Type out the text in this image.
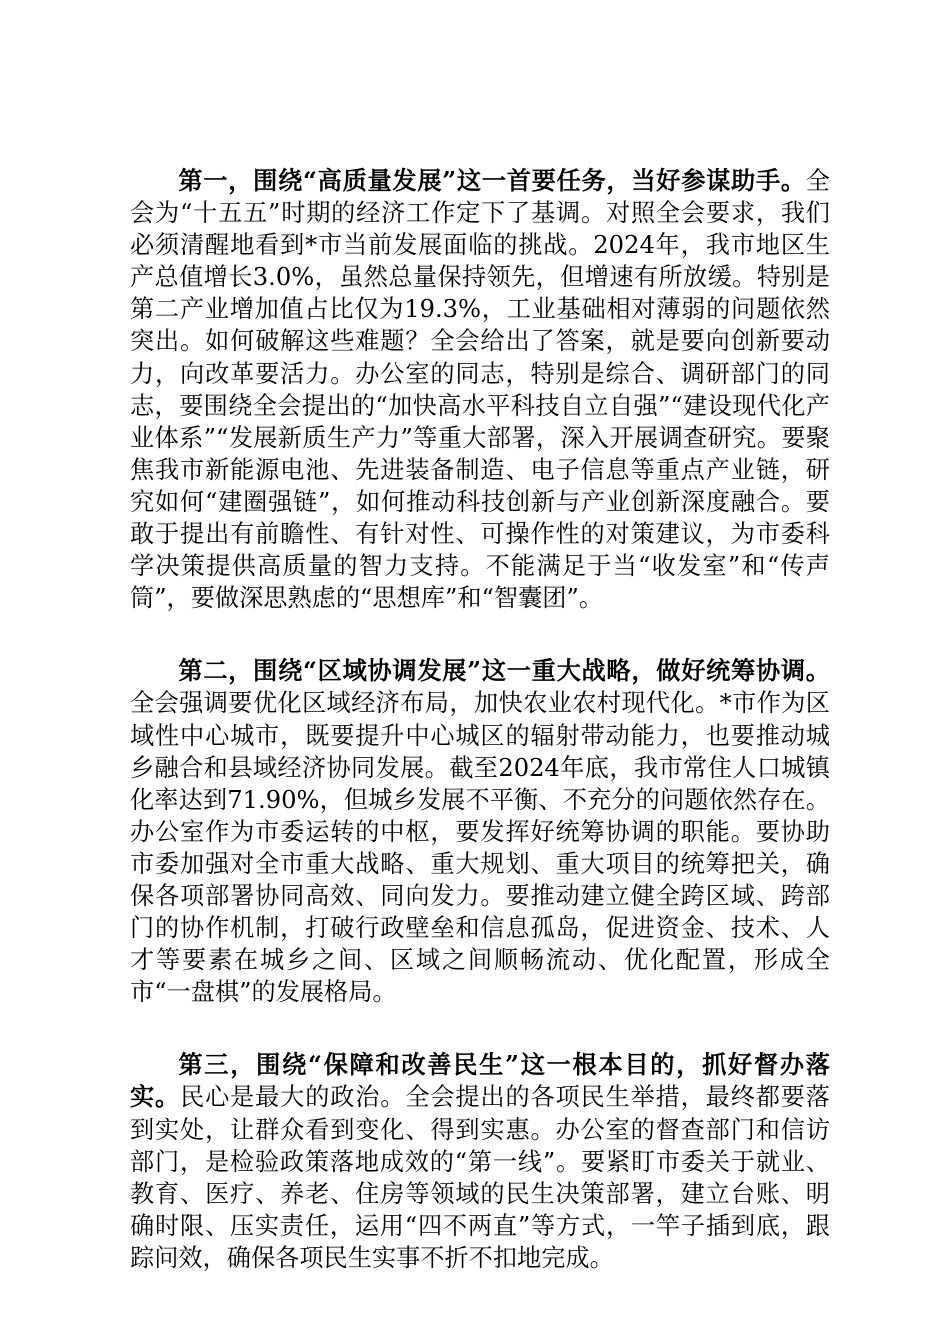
第一，围绕“高质量发展”这一首要任务，当好参谋助手。全会为“十五五”时期的经济工作定下了基调。对照全会要求，我们必须清醒地看到*市当前发展面临的挑战。2024年，我市地区生产总值增长3.0%，虽然总量保持领先，但增速有所放缓。特别是第二产业增加值占比仅为19.3%，工业基础相对薄弱的问题依然突出。如何破解这些难题？全会给出了答案，就是要向创新要动力，向改革要活力。办公室的同志，特别是综合、调研部门的同志，要围绕全会提出的“加快高水平科技自立自强”“建设现代化产业体系”“发展新质生产力”等重大部署，深入开展调查研究。要聚焦我市新能源电池、先进装备制造、电子信息等重点产业链，研究如何“建圈强链”，如何推动科技创新与产业创新深度融合。要敢于提出有前瞻性、有针对性、可操作性的对策建议，为市委科学决策提供高质量的智力支持。不能满足于当“收发室”和“传声筒”，要做深思熟虑的“思想库”和“智囊团”。

第二，围绕“区域协调发展”这一重大战略，做好统筹协调。全会强调要优化区域经济布局，加快农业农村现代化。*市作为区域性中心城市，既要提升中心城区的辐射带动能力，也要推动城乡融合和县域经济协同发展。截至2024年底，我市常住人口城镇化率达到71.90%，但城乡发展不平衡、不充分的问题依然存在。办公室作为市委运转的中枢，要发挥好统筹协调的职能。要协助市委加强对全市重大战略、重大规划、重大项目的统筹把关，确保各项部署协同高效、同向发力。要推动建立健全跨区域、跨部门的协作机制，打破行政壁垒和信息孤岛，促进资金、技术、人才等要素在城乡之间、区域之间顺畅流动、优化配置，形成全市“一盘棋”的发展格局。

第三，围绕“保障和改善民生”这一根本目的，抓好督办落实。民心是最大的政治。全会提出的各项民生举措，最终都要落到实处，让群众看到变化、得到实惠。办公室的督查部门和信访部门，是检验政策落地成效的“第一线”。要紧盯市委关于就业、教育、医疗、养老、住房等领域的民生决策部署，建立台账、明确时限、压实责任，运用“四不两直”等方式，一竿子插到底，跟踪问效，确保各项民生实事不折不扣地完成。
